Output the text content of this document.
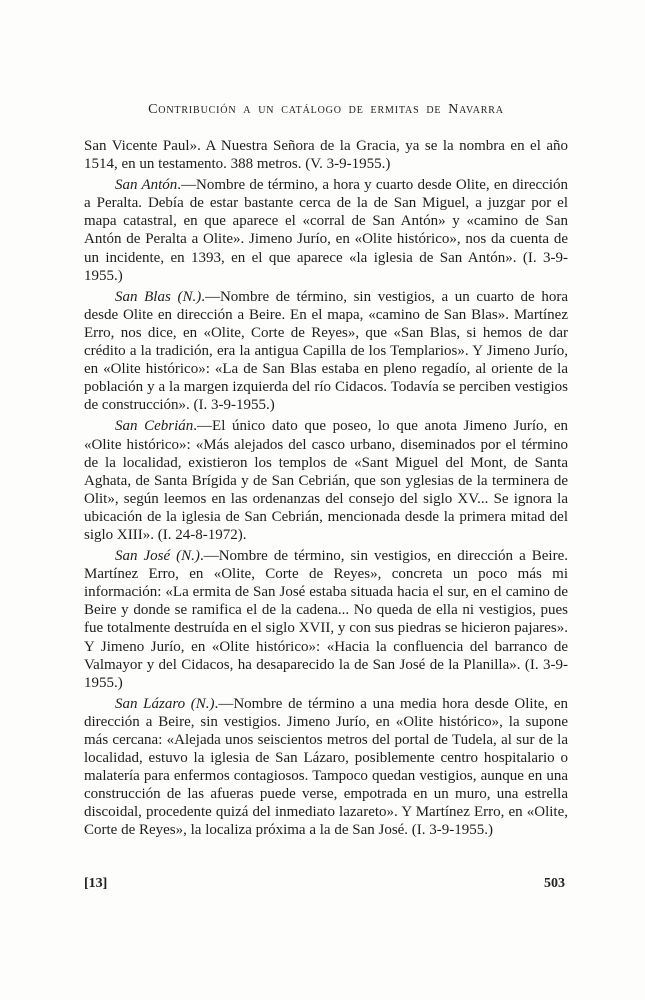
Contribución a un catálogo de ermitas de Navarra

San Vicente Paul». A Nuestra Señora de la Gracia, ya se la nombra en el año 1514, en un testamento. 388 metros. (V. 3-9-1955.)

San Antón.—Nombre de término, a hora y cuarto desde Olite, en dirección a Peralta. Debía de estar bastante cerca de la de San Miguel, a juzgar por el mapa catastral, en que aparece el «corral de San Antón» y «camino de San Antón de Peralta a Olite». Jimeno Jurío, en «Olite histórico», nos da cuenta de un incidente, en 1393, en el que aparece «la iglesia de San Antón». (I. 3-9-1955.)

San Blas (N.).—Nombre de término, sin vestigios, a un cuarto de hora desde Olite en dirección a Beire. En el mapa, «camino de San Blas». Martínez Erro, nos dice, en «Olite, Corte de Reyes», que «San Blas, si hemos de dar crédito a la tradición, era la antigua Capilla de los Templarios». Y Jimeno Jurío, en «Olite histórico»: «La de San Blas estaba en pleno regadío, al oriente de la población y a la margen izquierda del río Cidacos. Todavía se perciben vestigios de construcción». (I. 3-9-1955.)

San Cebrián.—El único dato que poseo, lo que anota Jimeno Jurío, en «Olite histórico»: «Más alejados del casco urbano, diseminados por el término de la localidad, existieron los templos de «Sant Miguel del Mont, de Santa Aghata, de Santa Brígida y de San Cebrián, que son yglesias de la terminera de Olit», según leemos en las ordenanzas del consejo del siglo XV... Se ignora la ubicación de la iglesia de San Cebrián, mencionada desde la primera mitad del siglo XIII». (I. 24-8-1972).

San José (N.).—Nombre de término, sin vestigios, en dirección a Beire. Martínez Erro, en «Olite, Corte de Reyes», concreta un poco más mi información: «La ermita de San José estaba situada hacia el sur, en el camino de Beire y donde se ramifica el de la cadena... No queda de ella ni vestigios, pues fue totalmente destruída en el siglo XVII, y con sus piedras se hicieron pajares». Y Jimeno Jurío, en «Olite histórico»: «Hacia la confluencia del barranco de Valmayor y del Cidacos, ha desaparecido la de San José de la Planilla». (I. 3-9-1955.)

San Lázaro (N.).—Nombre de término a una media hora desde Olite, en dirección a Beire, sin vestigios. Jimeno Jurío, en «Olite histórico», la supone más cercana: «Alejada unos seiscientos metros del portal de Tudela, al sur de la localidad, estuvo la iglesia de San Lázaro, posiblemente centro hospitalario o malatería para enfermos contagiosos. Tampoco quedan vestigios, aunque en una construcción de las afueras puede verse, empotrada en un muro, una estrella discoidal, procedente quizá del inmediato lazareto». Y Martínez Erro, en «Olite, Corte de Reyes», la localiza próxima a la de San José. (I. 3-9-1955.)

[13]	503
